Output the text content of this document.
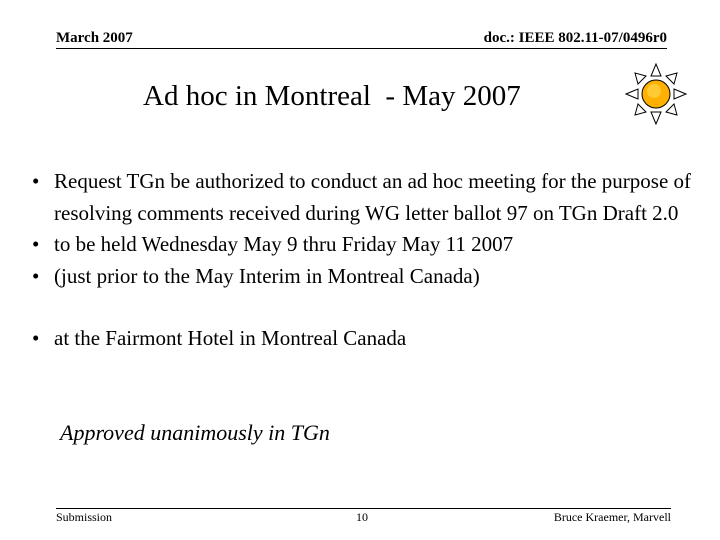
March 2007	doc.: IEEE 802.11-07/0496r0
Ad hoc in Montreal  - May 2007
• Request TGn be authorized to conduct an ad hoc meeting for the purpose of resolving comments received during WG letter ballot 97 on TGn Draft 2.0
• to be held Wednesday May 9 thru Friday May 11 2007
• (just prior to the May Interim in Montreal Canada)
• at the Fairmont Hotel in Montreal Canada
Approved unanimously in TGn
Submission	10	Bruce Kraemer, Marvell
